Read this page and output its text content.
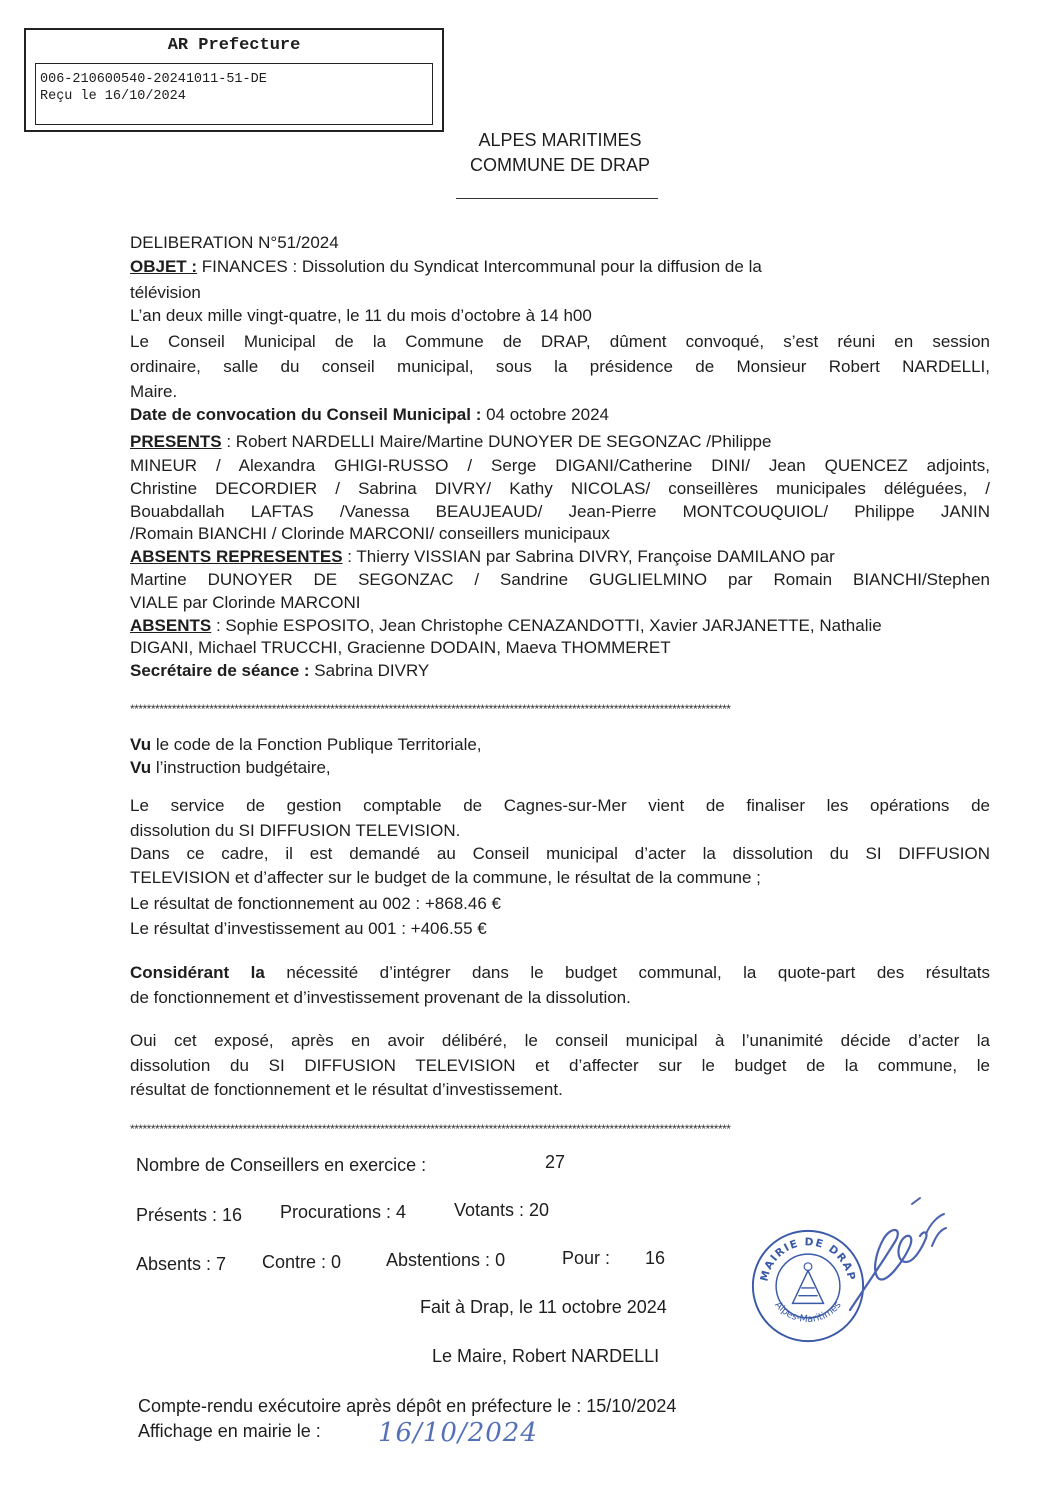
AR Prefecture
006-210600540-20241011-51-DE
Reçu le 16/10/2024
ALPES MARITIMES
COMMUNE DE DRAP
DELIBERATION N°51/2024
OBJET : FINANCES : Dissolution du Syndicat Intercommunal pour la diffusion de la
télévision
L’an deux mille vingt-quatre, le 11 du mois d’octobre à 14 h00
Le Conseil Municipal de la Commune de DRAP, dûment convoqué, s’est réuni en session
ordinaire, salle du conseil municipal, sous la présidence de Monsieur Robert NARDELLI,
Maire.
Date de convocation du Conseil Municipal : 04 octobre 2024
PRESENTS : Robert NARDELLI Maire/Martine DUNOYER DE SEGONZAC /Philippe
MINEUR / Alexandra GHIGI-RUSSO / Serge DIGANI/Catherine DINI/ Jean QUENCEZ adjoints,
Christine DECORDIER / Sabrina DIVRY/ Kathy NICOLAS/ conseillères municipales déléguées, /
Bouabdallah LAFTAS /Vanessa BEAUJEAUD/ Jean-Pierre MONTCOUQUIOL/ Philippe JANIN
/Romain BIANCHI / Clorinde MARCONI/ conseillers municipaux
ABSENTS REPRESENTES : Thierry VISSIAN par Sabrina DIVRY, Françoise DAMILANO par
Martine DUNOYER DE SEGONZAC / Sandrine GUGLIELMINO par Romain BIANCHI/Stephen
VIALE par Clorinde MARCONI
ABSENTS : Sophie ESPOSITO, Jean Christophe CENAZANDOTTI, Xavier JARJANETTE, Nathalie
DIGANI, Michael TRUCCHI, Gracienne DODAIN, Maeva THOMMERET
Secrétaire de séance : Sabrina DIVRY
************************************************************************************************************************************************
Vu le code de la Fonction Publique Territoriale,
Vu l’instruction budgétaire,
Le service de gestion comptable de Cagnes-sur-Mer vient de finaliser les opérations de
dissolution du SI DIFFUSION TELEVISION.
Dans ce cadre, il est demandé au Conseil municipal d’acter la dissolution du SI DIFFUSION
TELEVISION et d’affecter sur le budget de la commune, le résultat de la commune ;
Le résultat de fonctionnement au 002 : +868.46 €
Le résultat d’investissement au 001 : +406.55 €
Considérant la nécessité d’intégrer dans le budget communal, la quote-part des résultats
de fonctionnement et d’investissement provenant de la dissolution.
Oui cet exposé, après en avoir délibéré, le conseil municipal à l’unanimité décide d’acter la
dissolution du SI DIFFUSION TELEVISION et d’affecter sur le budget de la commune, le
résultat de fonctionnement et le résultat d’investissement.
************************************************************************************************************************************************
Nombre de Conseillers en exercice :	27
Présents : 16 Procurations : 4	Votants : 20
Absents : 7 Contre : 0 Abstentions : 0	Pour : 16
Fait à Drap, le 11 octobre 2024
Le Maire, Robert NARDELLI
Compte-rendu exécutoire après dépôt en préfecture le : 15/10/2024
Affichage en mairie le : 16/10/2024
MAIRIE DE DRAP
Alpes-Maritimes
